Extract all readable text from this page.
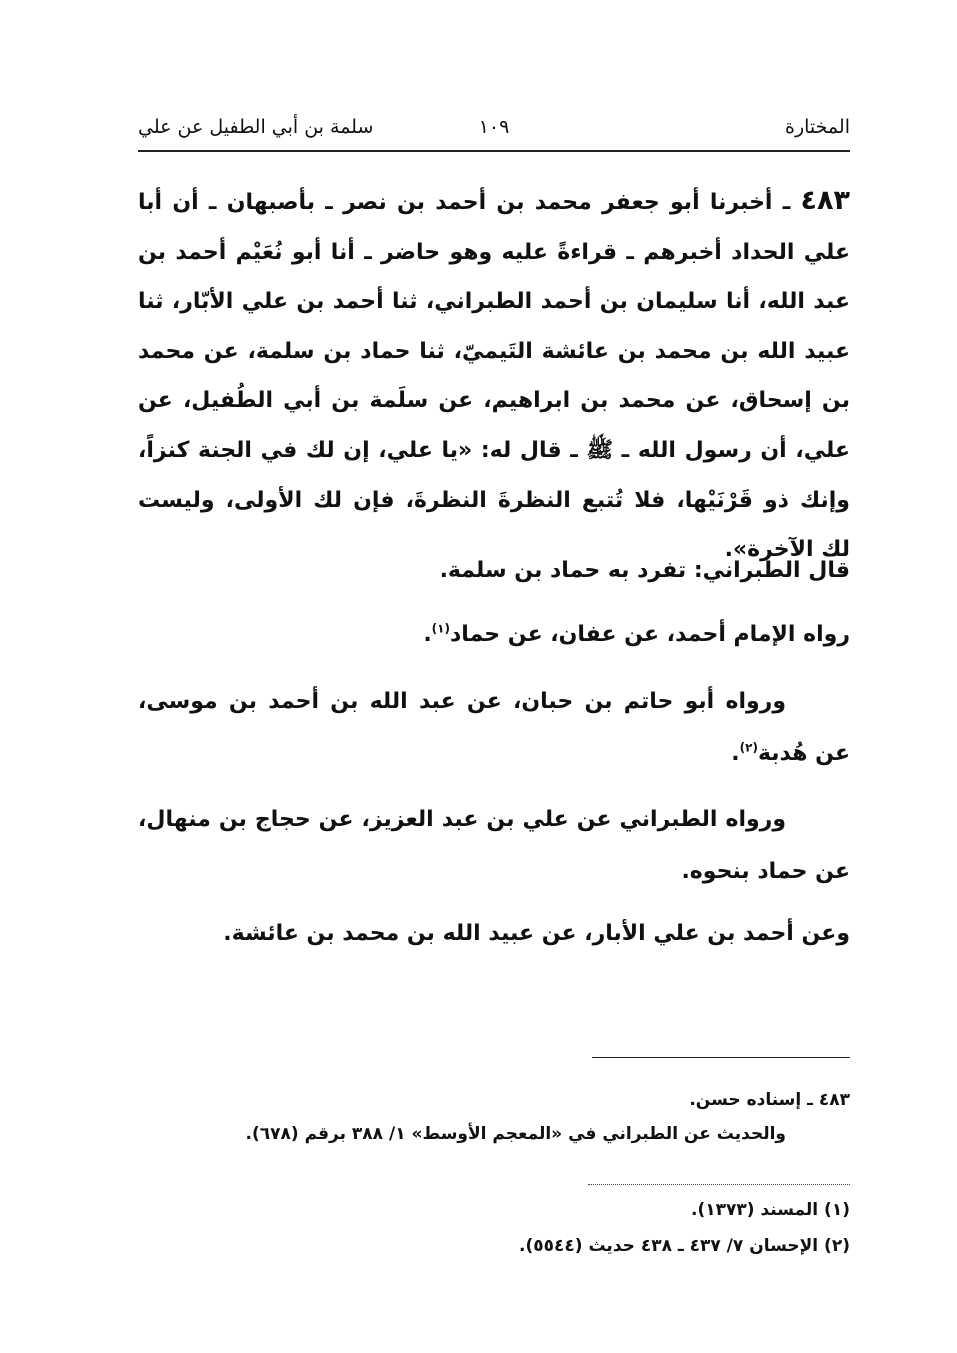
المختارة
١٠٩
سلمة بن أبي الطفيل عن علي

٤٨٣ ـ أخبرنا أبو جعفر محمد بن أحمد بن نصر ـ بأصبهان ـ أن أبا علي الحداد أخبرهم ـ قراءةً عليه وهو حاضر ـ أنا أبو نُعَيْم أحمد بن عبد الله، أنا سليمان بن أحمد الطبراني، ثنا أحمد بن علي الأبّار، ثنا عبيد الله بن محمد بن عائشة التَيميّ، ثنا حماد بن سلمة، عن محمد بن إسحاق، عن محمد بن ابراهيم، عن سلَمة بن أبي الطُفيل، عن علي، أن رسول الله ـ ﷺ ـ قال له: «يا علي، إن لك في الجنة كنزاً، وإنك ذو قَرْنَيْها، فلا تُتبع النظرةَ النظرةَ، فإن لك الأولى، وليست لك الآخرة».

قال الطبراني: تفرد به حماد بن سلمة.
رواه الإمام أحمد، عن عفان، عن حماد$^{(١)}$.
ورواه أبو حاتم بن حبان، عن عبد الله بن أحمد بن موسى، عن هُدبة$^{(٢)}$.
ورواه الطبراني عن علي بن عبد العزيز، عن حجاج بن منهال، عن حماد بنحوه.
وعن أحمد بن علي الأبار، عن عبيد الله بن محمد بن عائشة.
٤٨٣ ـ إسناده حسن.
والحديث عن الطبراني في «المعجم الأوسط» ١/ ٣٨٨ برقم (٦٧٨).
(١) المسند (١٣٧٣).
(٢) الإحسان ٧/ ٤٣٧ ـ ٤٣٨ حديث (٥٥٤٤).
